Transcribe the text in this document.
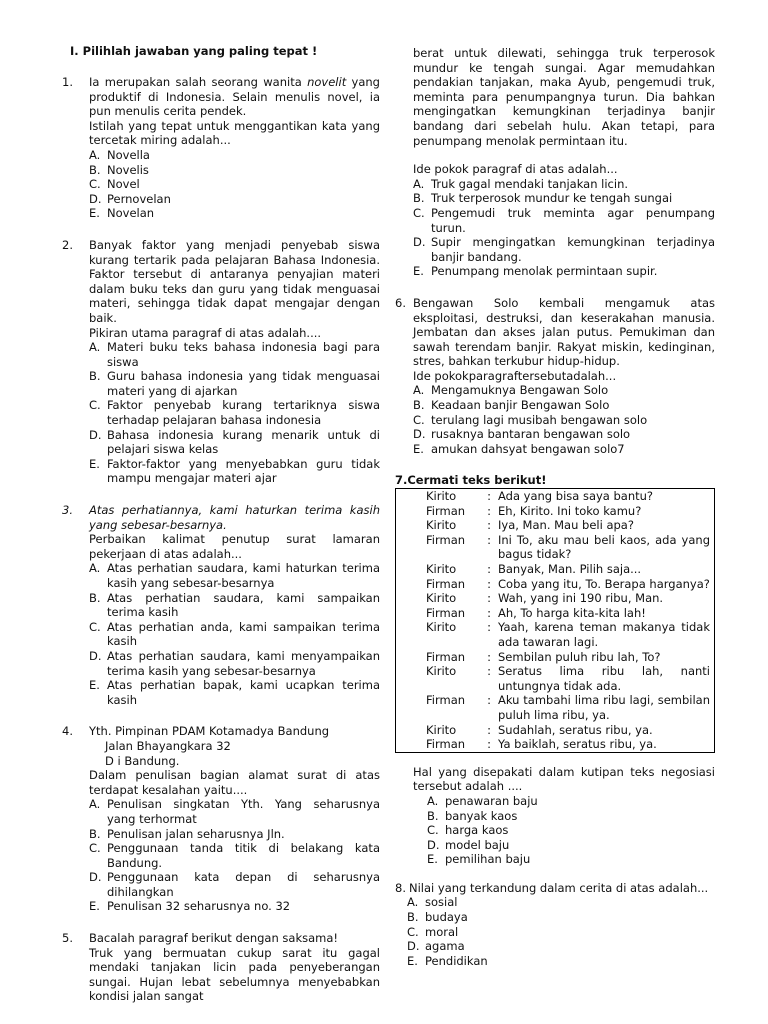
I. Pilihlah jawaban yang paling tepat !
1.	Ia merupakan salah seorang wanita novelit yang produktif di Indonesia. Selain menulis novel, ia pun menulis cerita pendek.

Istilah yang tepat untuk menggantikan kata yang tercetak miring adalah...

A. Novella
B. Novelis
C. Novel
D. Pernovelan
E. Novelan
2.	Banyak faktor yang menjadi penyebab siswa kurang tertarik pada pelajaran Bahasa Indonesia. Faktor tersebut di antaranya penyajian materi dalam buku teks dan guru yang tidak menguasai materi, sehingga tidak dapat mengajar dengan baik.

Pikiran utama paragraf di atas adalah....

A. Materi buku teks bahasa indonesia bagi para siswa
B. Guru bahasa indonesia yang tidak menguasai materi yang di ajarkan
C. Faktor penyebab kurang tertariknya siswa terhadap pelajaran bahasa indonesia
D. Bahasa indonesia kurang menarik untuk di pelajari siswa kelas
E. Faktor-faktor yang menyebabkan guru tidak mampu mengajar materi ajar
3.	Atas perhatiannya, kami haturkan terima kasih yang sebesar-besarnya.

Perbaikan kalimat penutup surat lamaran pekerjaan di atas adalah...

A. Atas perhatian saudara, kami haturkan terima kasih yang sebesar-besarnya
B. Atas perhatian saudara, kami sampaikan terima kasih
C. Atas perhatian anda, kami sampaikan terima kasih
D. Atas perhatian saudara, kami menyampaikan terima kasih yang sebesar-besarnya
E. Atas perhatian bapak, kami ucapkan terima kasih
4.	Yth. Pimpinan PDAM Kotamadya Bandung

Jalan Bhayangkara 32

D i Bandung.

Dalam penulisan bagian alamat surat di atas terdapat kesalahan yaitu....

A. Penulisan singkatan Yth. Yang seharusnya yang terhormat
B. Penulisan jalan seharusnya Jln.
C. Penggunaan tanda titik di belakang kata Bandung.
D. Penggunaan kata depan di seharusnya dihilangkan
E. Penulisan 32 seharusnya no. 32
5.	Bacalah paragraf berikut dengan saksama!

Truk yang bermuatan cukup sarat itu gagal mendaki tanjakan licin pada penyeberangan sungai. Hujan lebat sebelumnya menyebabkan kondisi jalan sangat

berat untuk dilewati, sehingga truk terperosok mundur ke tengah sungai. Agar memudahkan pendakian tanjakan, maka Ayub, pengemudi truk, meminta para penumpangnya turun. Dia bahkan mengingatkan kemungkinan terjadinya banjir bandang dari sebelah hulu. Akan tetapi, para penumpang menolak permintaan itu.

Ide pokok paragraf di atas adalah...

A. Truk gagal mendaki tanjakan licin.
B. Truk terperosok mundur ke tengah sungai
C. Pengemudi truk meminta agar penumpang turun.
D. Supir mengingatkan kemungkinan terjadinya banjir bandang.
E. Penumpang menolak permintaan supir.
6. Bengawan Solo kembali mengamuk atas eksploitasi, destruksi, dan keserakahan manusia. Jembatan dan akses jalan putus. Pemukiman dan sawah terendam banjir. Rakyat miskin, kedinginan, stres, bahkan terkubur hidup-hidup.

Ide pokokparagraftersebutadalah...

A. Mengamuknya Bengawan Solo
B. Keadaan banjir Bengawan Solo
C. terulang lagi musibah bengawan solo
D. rusaknya bantaran bengawan solo
E. amukan dahsyat bengawan solo7

7.Cermati teks berikut!

Kirito	:	Ada yang bisa saya bantu?
Firman	:	Eh, Kirito. Ini toko kamu?
Kirito	:	Iya, Man. Mau beli apa?
Firman	:	Ini To, aku mau beli kaos, ada yang bagus tidak?
Kirito	:	Banyak, Man. Pilih saja...
Firman	:	Coba yang itu, To. Berapa harganya?
Kirito	:	Wah, yang ini 190 ribu, Man.
Firman	:	Ah, To harga kita-kita lah!
Kirito	:	Yaah, karena teman makanya tidak ada tawaran lagi.
Firman	:	Sembilan puluh ribu lah, To?
Kirito	:	Seratus lima ribu lah, nanti untungnya tidak ada.
Firman	:	Aku tambahi lima ribu lagi, sembilan puluh lima ribu, ya.
Kirito	:	Sudahlah, seratus ribu, ya.
Firman	:	Ya baiklah, seratus ribu, ya.

Hal yang disepakati dalam kutipan teks negosiasi tersebut adalah ....

A. penawaran baju
B. banyak kaos
C. harga kaos
D. model baju
E. pemilihan baju
8. Nilai yang terkandung dalam cerita di atas adalah...

A. sosial
B. budaya
C. moral
D. agama
E. Pendidikan
